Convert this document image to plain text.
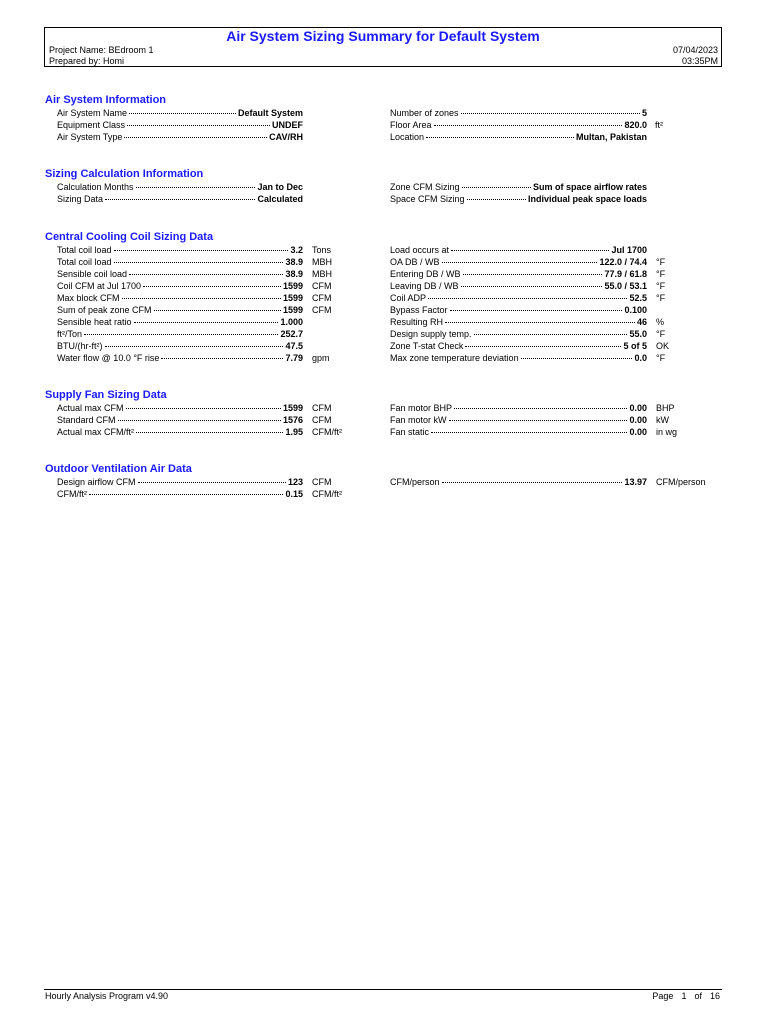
Air System Sizing Summary for Default System
Project Name: BEdroom 1
Prepared by: Homi
07/04/2023
03:35PM
Air System Information
Air System Name	Default System
Equipment Class	UNDEF
Air System Type	CAV/RH
Number of zones	5
Floor Area	820.0 ft²
Location	Multan, Pakistan
Sizing Calculation Information
Calculation Months	Jan to Dec
Sizing Data	Calculated
Zone CFM Sizing	Sum of space airflow rates
Space CFM Sizing	Individual peak space loads
Central Cooling Coil Sizing Data
Total coil load	3.2 Tons
Total coil load	38.9 MBH
Sensible coil load	38.9 MBH
Coil CFM at Jul 1700	1599 CFM
Max block CFM	1599 CFM
Sum of peak zone CFM	1599 CFM
Sensible heat ratio	1.000
ft²/Ton	252.7
BTU/(hr-ft²)	47.5
Water flow @ 10.0 °F rise	7.79 gpm
Load occurs at	Jul 1700
OA DB / WB	122.0 / 74.4 °F
Entering DB / WB	77.9 / 61.8 °F
Leaving DB / WB	55.0 / 53.1 °F
Coil ADP	52.5 °F
Bypass Factor	0.100
Resulting RH	46 %
Design supply temp.	55.0 °F
Zone T-stat Check	5 of 5 OK
Max zone temperature deviation	0.0 °F
Supply Fan Sizing Data
Actual max CFM	1599 CFM
Standard CFM	1576 CFM
Actual max CFM/ft²	1.95 CFM/ft²
Fan motor BHP	0.00 BHP
Fan motor kW	0.00 kW
Fan static	0.00 in wg
Outdoor Ventilation Air Data
Design airflow CFM	123 CFM
CFM/ft²	0.15 CFM/ft²
CFM/person	13.97 CFM/person
Hourly Analysis Program v4.90	Page 1 of 16
